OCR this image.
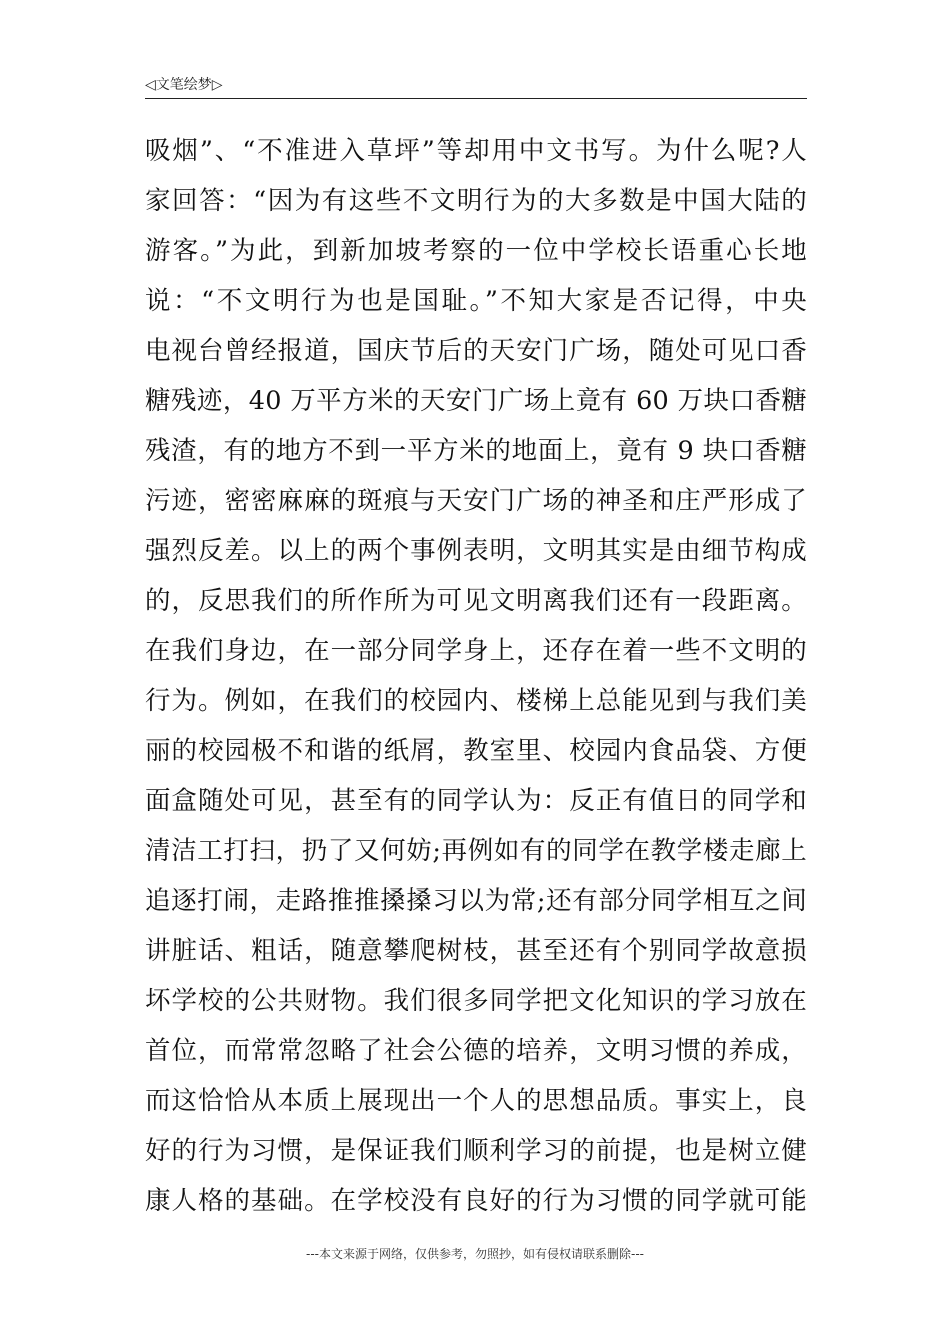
◁文笔绘梦▷
吸烟”、“不准进入草坪”等却用中文书写。为什么呢?人
家回答：“因为有这些不文明行为的大多数是中国大陆的
游客。”为此，到新加坡考察的一位中学校长语重心长地
说：“不文明行为也是国耻。”不知大家是否记得，中央
电视台曾经报道，国庆节后的天安门广场，随处可见口香
糖残迹，40 万平方米的天安门广场上竟有 60 万块口香糖
残渣，有的地方不到一平方米的地面上，竟有 9 块口香糖
污迹，密密麻麻的斑痕与天安门广场的神圣和庄严形成了
强烈反差。以上的两个事例表明，文明其实是由细节构成
的，反思我们的所作所为可见文明离我们还有一段距离。
在我们身边，在一部分同学身上，还存在着一些不文明的
行为。例如，在我们的校园内、楼梯上总能见到与我们美
丽的校园极不和谐的纸屑，教室里、校园内食品袋、方便
面盒随处可见，甚至有的同学认为：反正有值日的同学和
清洁工打扫，扔了又何妨;再例如有的同学在教学楼走廊上
追逐打闹，走路推推搡搡习以为常;还有部分同学相互之间
讲脏话、粗话，随意攀爬树枝，甚至还有个别同学故意损
坏学校的公共财物。我们很多同学把文化知识的学习放在
首位，而常常忽略了社会公德的培养，文明习惯的养成，
而这恰恰从本质上展现出一个人的思想品质。事实上，良
好的行为习惯，是保证我们顺利学习的前提，也是树立健
康人格的基础。在学校没有良好的行为习惯的同学就可能
---本文来源于网络，仅供参考，勿照抄，如有侵权请联系删除---
